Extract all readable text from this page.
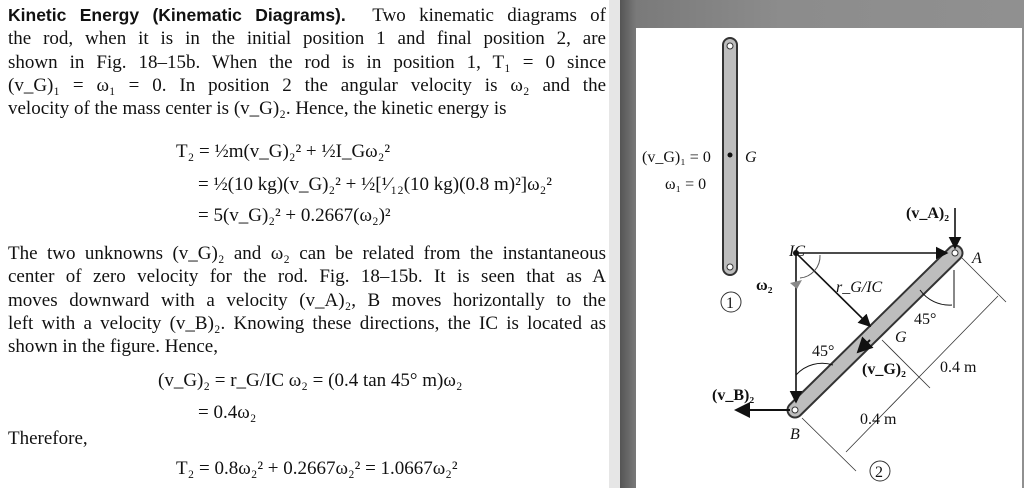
Kinetic Energy (Kinematic Diagrams). Two kinematic diagrams of
the rod, when it is in the initial position 1 and final position 2, are
shown in Fig. 18–15b. When the rod is in position 1, T₁ = 0 since
(v_G)₁ = ω₁ = 0. In position 2 the angular velocity is ω₂ and the
velocity of the mass center is (v_G)₂. Hence, the kinetic energy is
T₂ = ½m(v_G)₂² + ½I_Gω₂²
= ½(10 kg)(v_G)₂² + ½[¹⁄₁₂(10 kg)(0.8 m)²]ω₂²
= 5(v_G)₂² + 0.2667(ω₂)²
The two unknowns (v_G)₂ and ω₂ can be related from the instantaneous
center of zero velocity for the rod. Fig. 18–15b. It is seen that as A
moves downward with a velocity (v_A)₂, B moves horizontally to the
left with a velocity (v_B)₂. Knowing these directions, the IC is located as
shown in the figure. Hence,
(v_G)₂ = r_G/IC ω₂ = (0.4 tan 45° m)ω₂
= 0.4ω₂
Therefore,
T₂ = 0.8ω₂² + 0.2667ω₂² = 1.0667ω₂²
(v_G)₁ = 0
ω₁ = 0
G
1
IC
ω₂	r_G/IC
(v_A)₂
A
(v_B)₂
B
G
(v_G)₂
45°
45°
0.4 m
0.4 m
2
